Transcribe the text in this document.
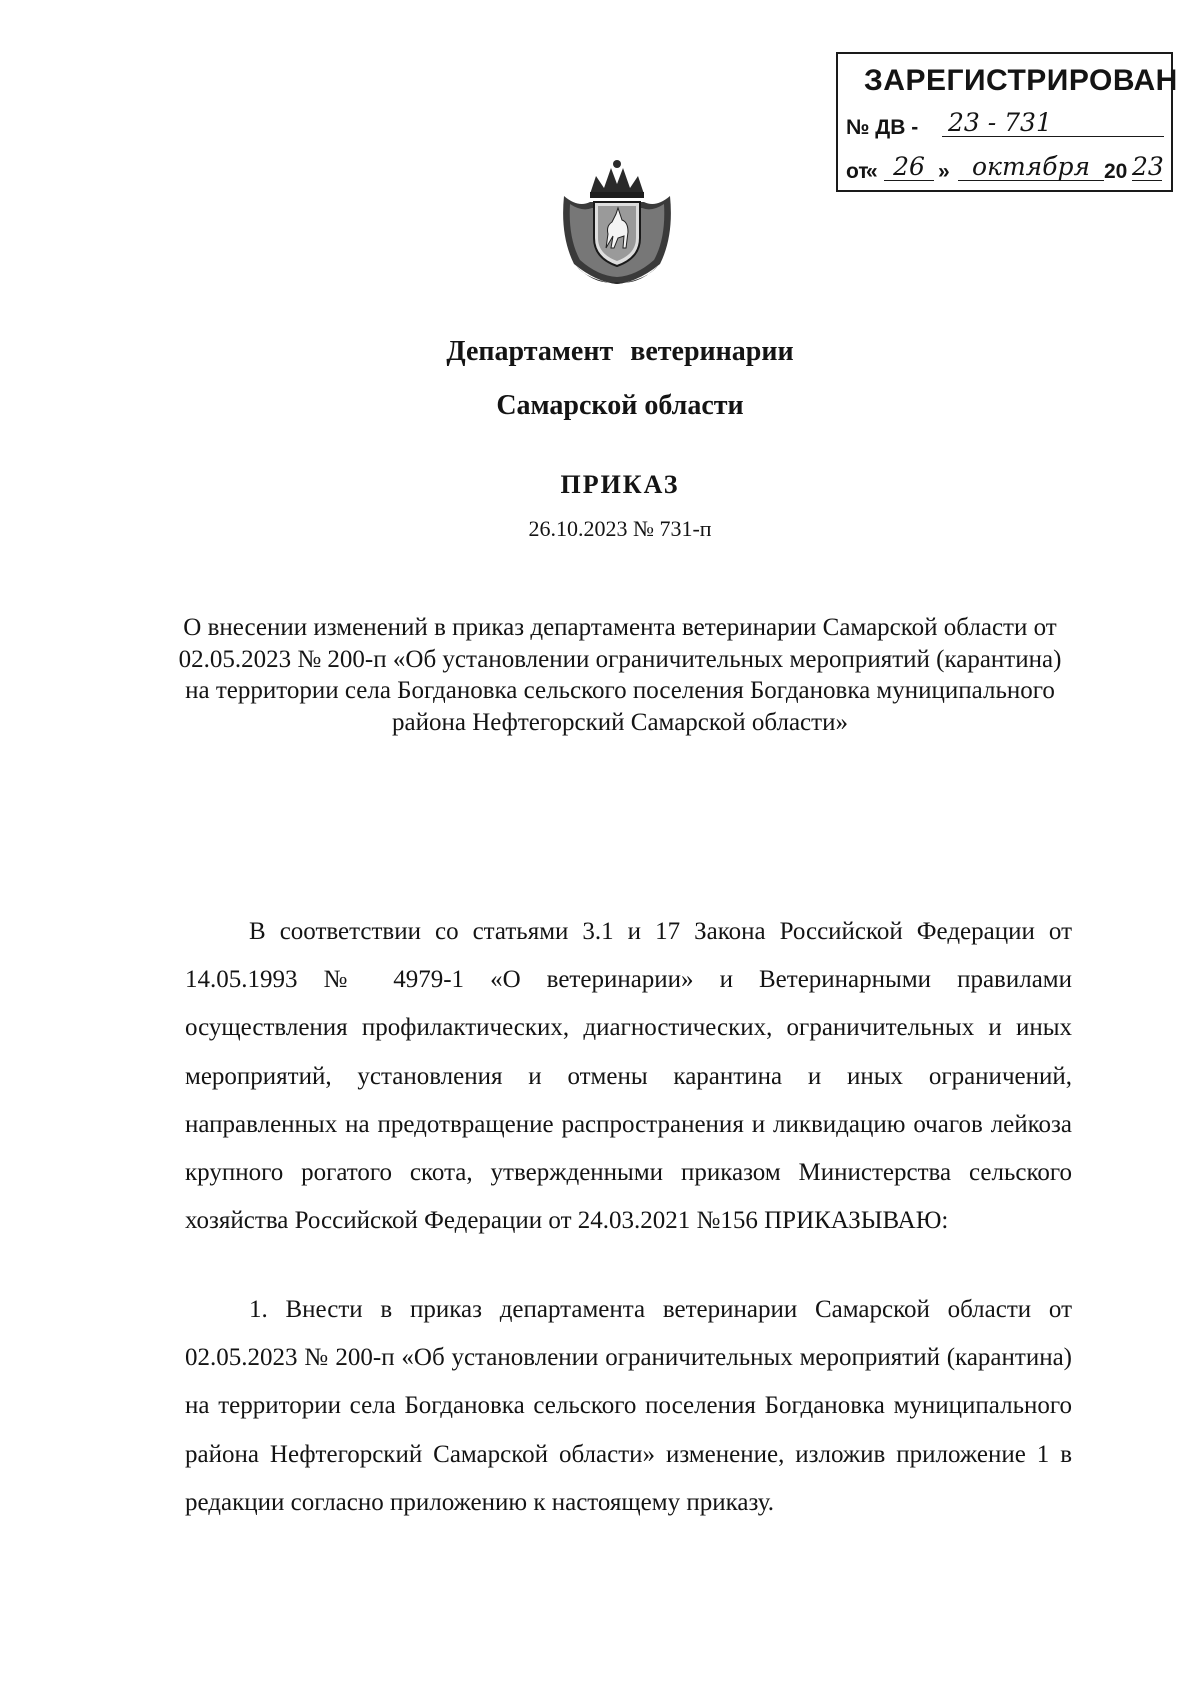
ЗАРЕГИСТРИРОВАН
№ ДВ - 23 - 731
от
« 26 » октября 20 23
Департамент ветеринарии
Самарской области
ПРИКАЗ
26.10.2023 № 731-п
О внесении изменений в приказ департамента ветеринарии Самарской области от 02.05.2023 № 200-п «Об установлении ограничительных мероприятий (карантина) на территории села Богдановка сельского поселения Богдановка муниципального района Нефтегорский Самарской области»
В соответствии со статьями 3.1 и 17 Закона Российской Федерации от 14.05.1993 № 4979-1 «О ветеринарии» и Ветеринарными правилами осуществления профилактических, диагностических, ограничительных и иных мероприятий, установления и отмены карантина и иных ограничений, направленных на предотвращение распространения и ликвидацию очагов лейкоза крупного рогатого скота, утвержденными приказом Министерства сельского хозяйства Российской Федерации от 24.03.2021 №156 ПРИКАЗЫВАЮ:
1. Внести в приказ департамента ветеринарии Самарской области от 02.05.2023 № 200-п «Об установлении ограничительных мероприятий (карантина) на территории села Богдановка сельского поселения Богдановка муниципального района Нефтегорский Самарской области» изменение, изложив приложение 1 в редакции согласно приложению к настоящему приказу.
